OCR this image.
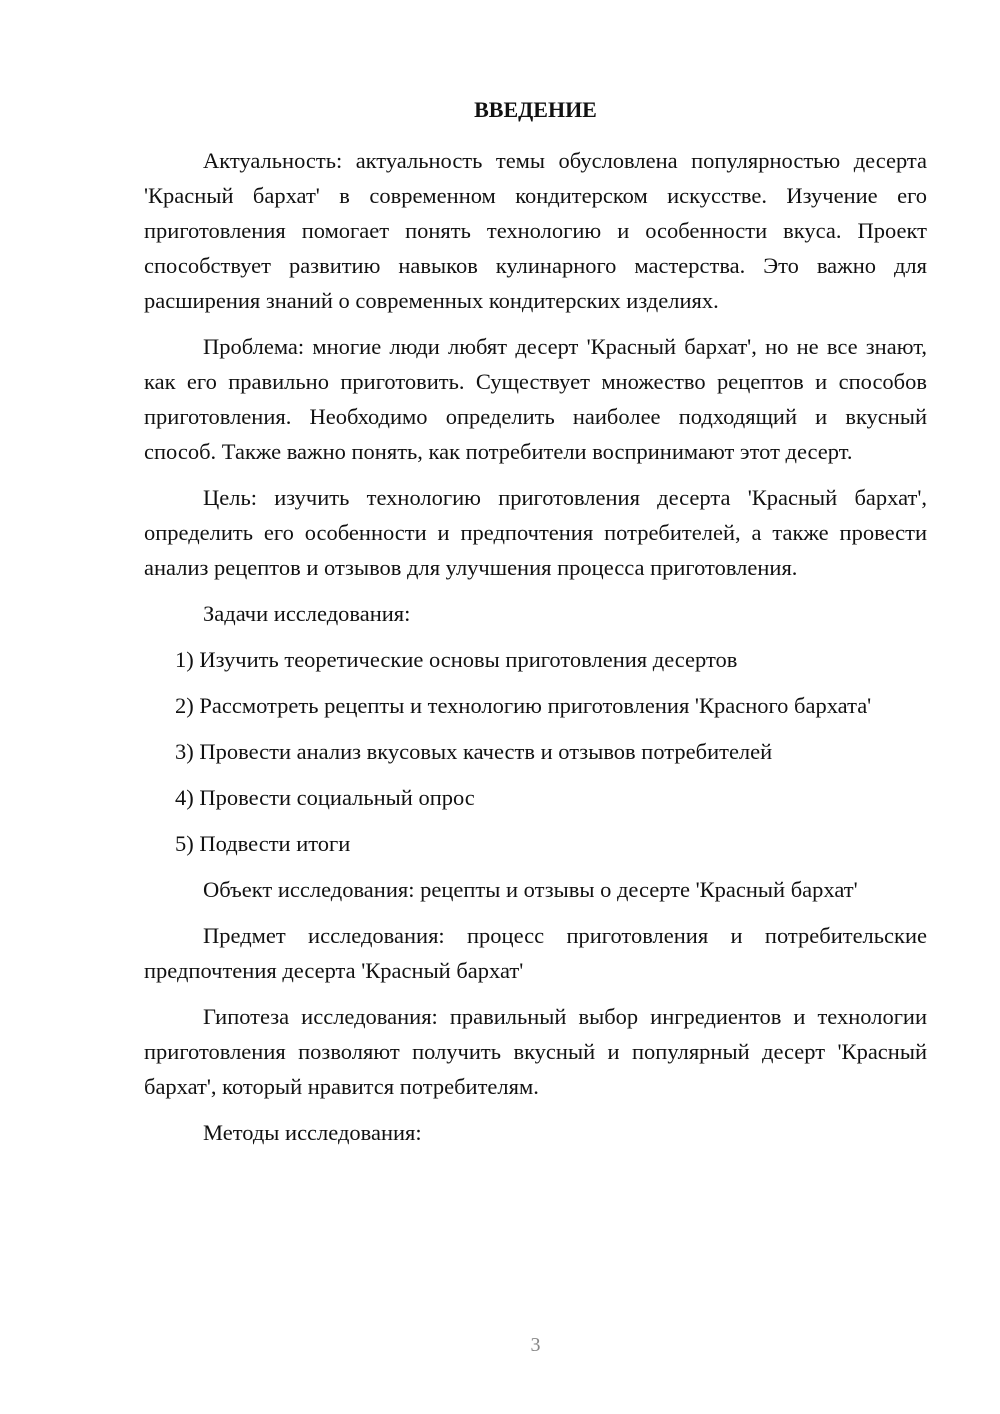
ВВЕДЕНИЕ

Актуальность: актуальность темы обусловлена популярностью десерта 'Красный бархат' в современном кондитерском искусстве. Изучение его приготовления помогает понять технологию и особенности вкуса. Проект способствует развитию навыков кулинарного мастерства. Это важно для расширения знаний о современных кондитерских изделиях.

Проблема: многие люди любят десерт 'Красный бархат', но не все знают, как его правильно приготовить. Существует множество рецептов и способов приготовления. Необходимо определить наиболее подходящий и вкусный способ. Также важно понять, как потребители воспринимают этот десерт.

Цель: изучить технологию приготовления десерта 'Красный бархат', определить его особенности и предпочтения потребителей, а также провести анализ рецептов и отзывов для улучшения процесса приготовления.

Задачи исследования:

1) Изучить теоретические основы приготовления десертов

2) Рассмотреть рецепты и технологию приготовления 'Красного бархата'

3) Провести анализ вкусовых качеств и отзывов потребителей

4) Провести социальный опрос

5) Подвести итоги

Объект исследования: рецепты и отзывы о десерте 'Красный бархат'

Предмет исследования: процесс приготовления и потребительские предпочтения десерта 'Красный бархат'

Гипотеза исследования: правильный выбор ингредиентов и технологии приготовления позволяют получить вкусный и популярный десерт 'Красный бархат', который нравится потребителям.

Методы исследования:

3
